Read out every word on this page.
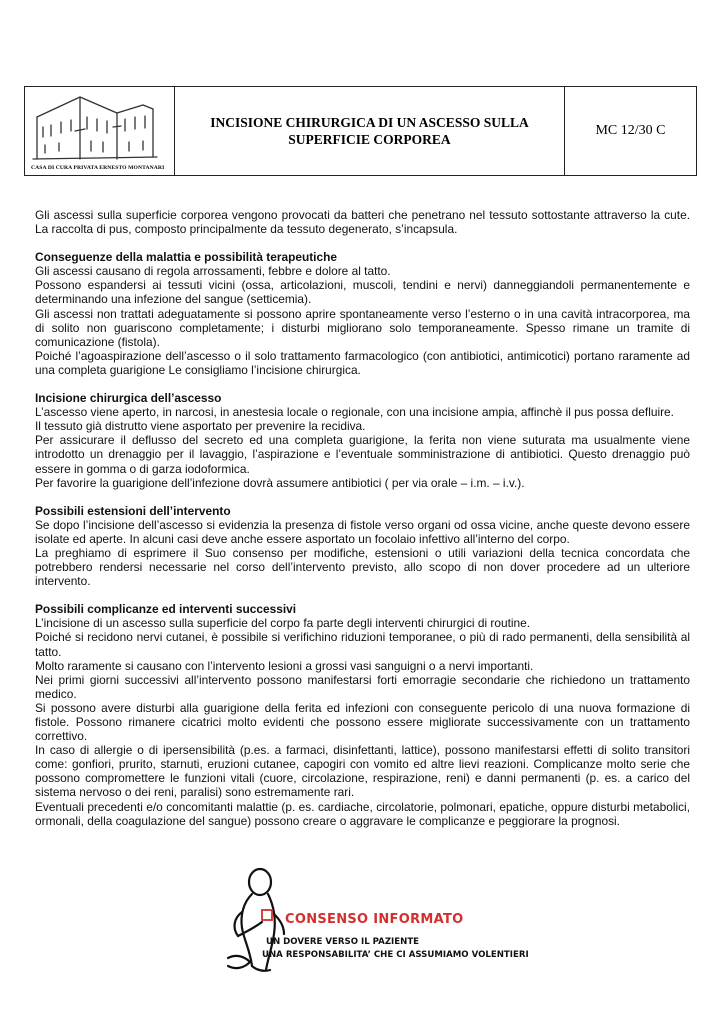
CASA DI CURA PRIVATA ERNESTO MONTANARI
INCISIONE CHIRURGICA DI UN ASCESSO SULLA SUPERFICIE CORPOREA
MC 12/30 C

Gli ascessi sulla superficie corporea vengono provocati da batteri che penetrano nel tessuto sottostante attraverso la cute. La raccolta di pus, composto principalmente da tessuto degenerato, s’incapsula.

Conseguenze della malattia e possibilità terapeutiche

Gli ascessi causano di regola arrossamenti, febbre e dolore al tatto.

Possono espandersi ai tessuti vicini (ossa, articolazioni, muscoli, tendini e nervi) danneggiandoli permanentemente e determinando una infezione del sangue (setticemia).

Gli ascessi non trattati adeguatamente si possono aprire spontaneamente verso l’esterno o in una cavità intracorporea, ma di solito non guariscono completamente; i disturbi migliorano solo temporaneamente. Spesso rimane un tramite di comunicazione (fistola).

Poiché l’agoaspirazione dell’ascesso o il solo trattamento farmacologico (con antibiotici, antimicotici) portano raramente ad una completa guarigione Le consigliamo l’incisione chirurgica.

Incisione chirurgica dell’ascesso

L’ascesso viene aperto, in narcosi, in anestesia locale o regionale, con una incisione ampia, affinchè il pus possa defluire.

Il tessuto già distrutto viene asportato per prevenire la recidiva.

Per assicurare il deflusso del secreto ed una completa guarigione, la ferita non viene suturata ma usualmente viene introdotto un drenaggio per il lavaggio, l’aspirazione e l’eventuale somministrazione di antibiotici. Questo drenaggio può essere in gomma o di garza iodoformica.

Per favorire la guarigione dell’infezione dovrà assumere antibiotici ( per via orale – i.m. – i.v.).

Possibili estensioni dell’intervento

Se dopo l’incisione dell’ascesso si evidenzia la presenza di fistole verso organi od ossa vicine, anche queste devono essere isolate ed aperte. In alcuni casi deve anche essere asportato un focolaio infettivo all’interno del corpo.

La preghiamo di esprimere il Suo consenso per modifiche, estensioni o utili variazioni della tecnica concordata che potrebbero rendersi necessarie nel corso dell’intervento previsto, allo scopo di non dover procedere ad un ulteriore intervento.

Possibili complicanze ed interventi successivi

L’incisione di un ascesso sulla superficie del corpo fa parte degli interventi chirurgici di routine.

Poiché si recidono nervi cutanei, è possibile si verifichino riduzioni temporanee, o più di rado permanenti, della sensibilità al tatto.

Molto raramente si causano con l’intervento lesioni a grossi vasi sanguigni o a nervi importanti.

Nei primi giorni successivi all’intervento possono manifestarsi forti emorragie secondarie che richiedono un trattamento medico.

Si possono avere disturbi alla guarigione della ferita ed infezioni con conseguente pericolo di una nuova formazione di fistole. Possono rimanere cicatrici molto evidenti che possono essere migliorate successivamente con un trattamento correttivo.

In caso di allergie o di ipersensibilità (p.es. a farmaci, disinfettanti, lattice), possono manifestarsi effetti di solito transitori come: gonfiori, prurito, starnuti, eruzioni cutanee, capogiri con vomito ed altre lievi reazioni. Complicanze molto serie che possono compromettere le funzioni vitali (cuore, circolazione, respirazione, reni) e danni permanenti (p. es. a carico del sistema nervoso o dei reni, paralisi) sono estremamente rari.

Eventuali precedenti e/o concomitanti malattie (p. es. cardiache, circolatorie, polmonari, epatiche, oppure disturbi metabolici, ormonali, della coagulazione del sangue) possono creare o aggravare le complicanze e peggiorare la prognosi.

CONSENSO INFORMATO
UN DOVERE VERSO IL PAZIENTE
UNA RESPONSABILITA’ CHE CI ASSUMIAMO VOLENTIERI
